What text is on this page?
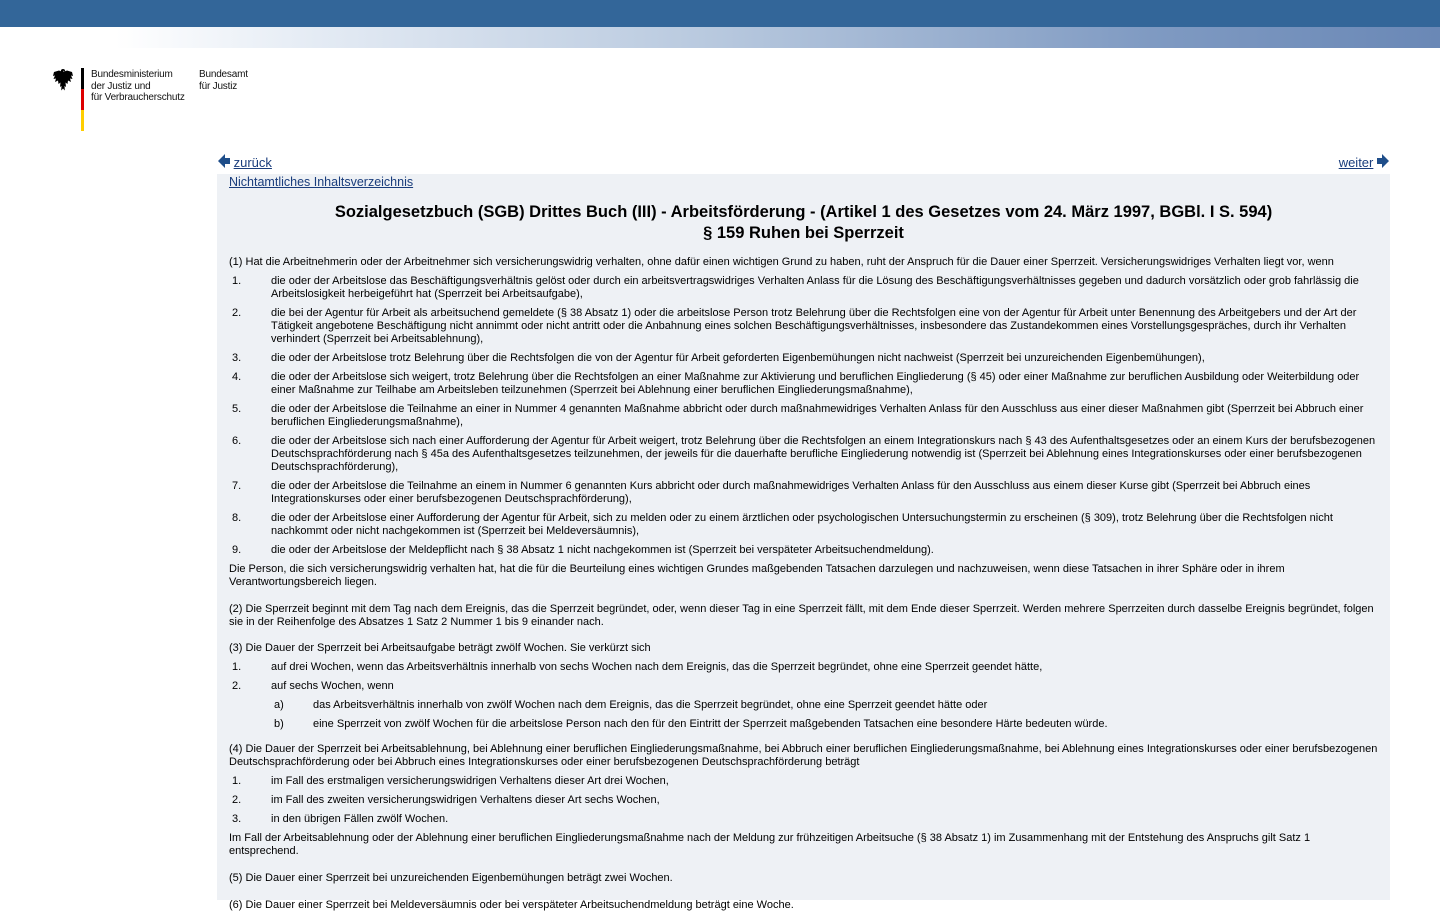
Bundesministerium
der Justiz und
für Verbraucherschutz
Bundesamt
für Justiz
zurück	weiter
Nichtamtliches Inhaltsverzeichnis
Sozialgesetzbuch (SGB) Drittes Buch (III) - Arbeitsförderung - (Artikel 1 des Gesetzes vom 24. März 1997, BGBl. I S. 594)
§ 159 Ruhen bei Sperrzeit

(1) Hat die Arbeitnehmerin oder der Arbeitnehmer sich versicherungswidrig verhalten, ohne dafür einen wichtigen Grund zu haben, ruht der Anspruch für die Dauer einer Sperrzeit. Versicherungswidriges Verhalten liegt vor, wenn

1.	die oder der Arbeitslose das Beschäftigungsverhältnis gelöst oder durch ein arbeitsvertragswidriges Verhalten Anlass für die Lösung des Beschäftigungsverhältnisses gegeben und dadurch vorsätzlich oder grob fahrlässig die Arbeitslosigkeit herbeigeführt hat (Sperrzeit bei Arbeitsaufgabe),
2.	die bei der Agentur für Arbeit als arbeitsuchend gemeldete (§ 38 Absatz 1) oder die arbeitslose Person trotz Belehrung über die Rechtsfolgen eine von der Agentur für Arbeit unter Benennung des Arbeitgebers und der Art der Tätigkeit angebotene Beschäftigung nicht annimmt oder nicht antritt oder die Anbahnung eines solchen Beschäftigungsverhältnisses, insbesondere das Zustandekommen eines Vorstellungsgespräches, durch ihr Verhalten verhindert (Sperrzeit bei Arbeitsablehnung),
3.	die oder der Arbeitslose trotz Belehrung über die Rechtsfolgen die von der Agentur für Arbeit geforderten Eigenbemühungen nicht nachweist (Sperrzeit bei unzureichenden Eigenbemühungen),
4.	die oder der Arbeitslose sich weigert, trotz Belehrung über die Rechtsfolgen an einer Maßnahme zur Aktivierung und beruflichen Eingliederung (§ 45) oder einer Maßnahme zur beruflichen Ausbildung oder Weiterbildung oder einer Maßnahme zur Teilhabe am Arbeitsleben teilzunehmen (Sperrzeit bei Ablehnung einer beruflichen Eingliederungsmaßnahme),
5.	die oder der Arbeitslose die Teilnahme an einer in Nummer 4 genannten Maßnahme abbricht oder durch maßnahmewidriges Verhalten Anlass für den Ausschluss aus einer dieser Maßnahmen gibt (Sperrzeit bei Abbruch einer beruflichen Eingliederungsmaßnahme),
6.	die oder der Arbeitslose sich nach einer Aufforderung der Agentur für Arbeit weigert, trotz Belehrung über die Rechtsfolgen an einem Integrationskurs nach § 43 des Aufenthaltsgesetzes oder an einem Kurs der berufsbezogenen Deutschsprachförderung nach § 45a des Aufenthaltsgesetzes teilzunehmen, der jeweils für die dauerhafte berufliche Eingliederung notwendig ist (Sperrzeit bei Ablehnung eines Integrationskurses oder einer berufsbezogenen Deutschsprachförderung),
7.	die oder der Arbeitslose die Teilnahme an einem in Nummer 6 genannten Kurs abbricht oder durch maßnahmewidriges Verhalten Anlass für den Ausschluss aus einem dieser Kurse gibt (Sperrzeit bei Abbruch eines Integrationskurses oder einer berufsbezogenen Deutschsprachförderung),
8.	die oder der Arbeitslose einer Aufforderung der Agentur für Arbeit, sich zu melden oder zu einem ärztlichen oder psychologischen Untersuchungstermin zu erscheinen (§ 309), trotz Belehrung über die Rechtsfolgen nicht nachkommt oder nicht nachgekommen ist (Sperrzeit bei Meldeversäumnis),
9.	die oder der Arbeitslose der Meldepflicht nach § 38 Absatz 1 nicht nachgekommen ist (Sperrzeit bei verspäteter Arbeitsuchendmeldung).

Die Person, die sich versicherungswidrig verhalten hat, hat die für die Beurteilung eines wichtigen Grundes maßgebenden Tatsachen darzulegen und nachzuweisen, wenn diese Tatsachen in ihrer Sphäre oder in ihrem Verantwortungsbereich liegen.

(2) Die Sperrzeit beginnt mit dem Tag nach dem Ereignis, das die Sperrzeit begründet, oder, wenn dieser Tag in eine Sperrzeit fällt, mit dem Ende dieser Sperrzeit. Werden mehrere Sperrzeiten durch dasselbe Ereignis begründet, folgen sie in der Reihenfolge des Absatzes 1 Satz 2 Nummer 1 bis 9 einander nach.

(3) Die Dauer der Sperrzeit bei Arbeitsaufgabe beträgt zwölf Wochen. Sie verkürzt sich

1.	auf drei Wochen, wenn das Arbeitsverhältnis innerhalb von sechs Wochen nach dem Ereignis, das die Sperrzeit begründet, ohne eine Sperrzeit geendet hätte,
2.	auf sechs Wochen, wenn
a)	das Arbeitsverhältnis innerhalb von zwölf Wochen nach dem Ereignis, das die Sperrzeit begründet, ohne eine Sperrzeit geendet hätte oder
b)	eine Sperrzeit von zwölf Wochen für die arbeitslose Person nach den für den Eintritt der Sperrzeit maßgebenden Tatsachen eine besondere Härte bedeuten würde.

(4) Die Dauer der Sperrzeit bei Arbeitsablehnung, bei Ablehnung einer beruflichen Eingliederungsmaßnahme, bei Abbruch einer beruflichen Eingliederungsmaßnahme, bei Ablehnung eines Integrationskurses oder einer berufsbezogenen Deutschsprachförderung oder bei Abbruch eines Integrationskurses oder einer berufsbezogenen Deutschsprachförderung beträgt

1.	im Fall des erstmaligen versicherungswidrigen Verhaltens dieser Art drei Wochen,
2.	im Fall des zweiten versicherungswidrigen Verhaltens dieser Art sechs Wochen,
3.	in den übrigen Fällen zwölf Wochen.

Im Fall der Arbeitsablehnung oder der Ablehnung einer beruflichen Eingliederungsmaßnahme nach der Meldung zur frühzeitigen Arbeitsuche (§ 38 Absatz 1) im Zusammenhang mit der Entstehung des Anspruchs gilt Satz 1 entsprechend.

(5) Die Dauer einer Sperrzeit bei unzureichenden Eigenbemühungen beträgt zwei Wochen.

(6) Die Dauer einer Sperrzeit bei Meldeversäumnis oder bei verspäteter Arbeitsuchendmeldung beträgt eine Woche.
